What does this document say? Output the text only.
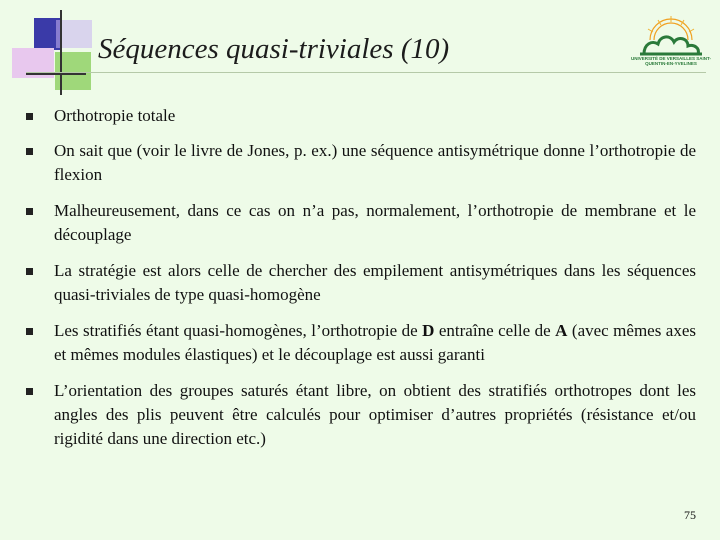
Séquences quasi-triviales (10)	UNIVERSITÉ DE VERSAILLES SAINT-QUENTIN-EN-YVELINES
Orthotropie totale
On sait que (voir le livre de Jones, p. ex.) une séquence antisymétrique donne l’orthotropie de flexion
Malheureusement, dans ce cas on n’a pas, normalement, l’orthotropie de membrane et le découplage
La stratégie est alors celle de chercher des empilement antisymétriques dans les séquences quasi-triviales de type quasi-homogène
Les stratifiés étant quasi-homogènes, l’orthotropie de D entraîne celle de A (avec mêmes axes et mêmes modules élastiques) et le découplage est aussi garanti
L’orientation des groupes saturés étant libre, on obtient des stratifiés orthotropes dont les angles des plis peuvent être calculés pour optimiser d’autres propriétés (résistance et/ou rigidité dans une direction etc.)
75
